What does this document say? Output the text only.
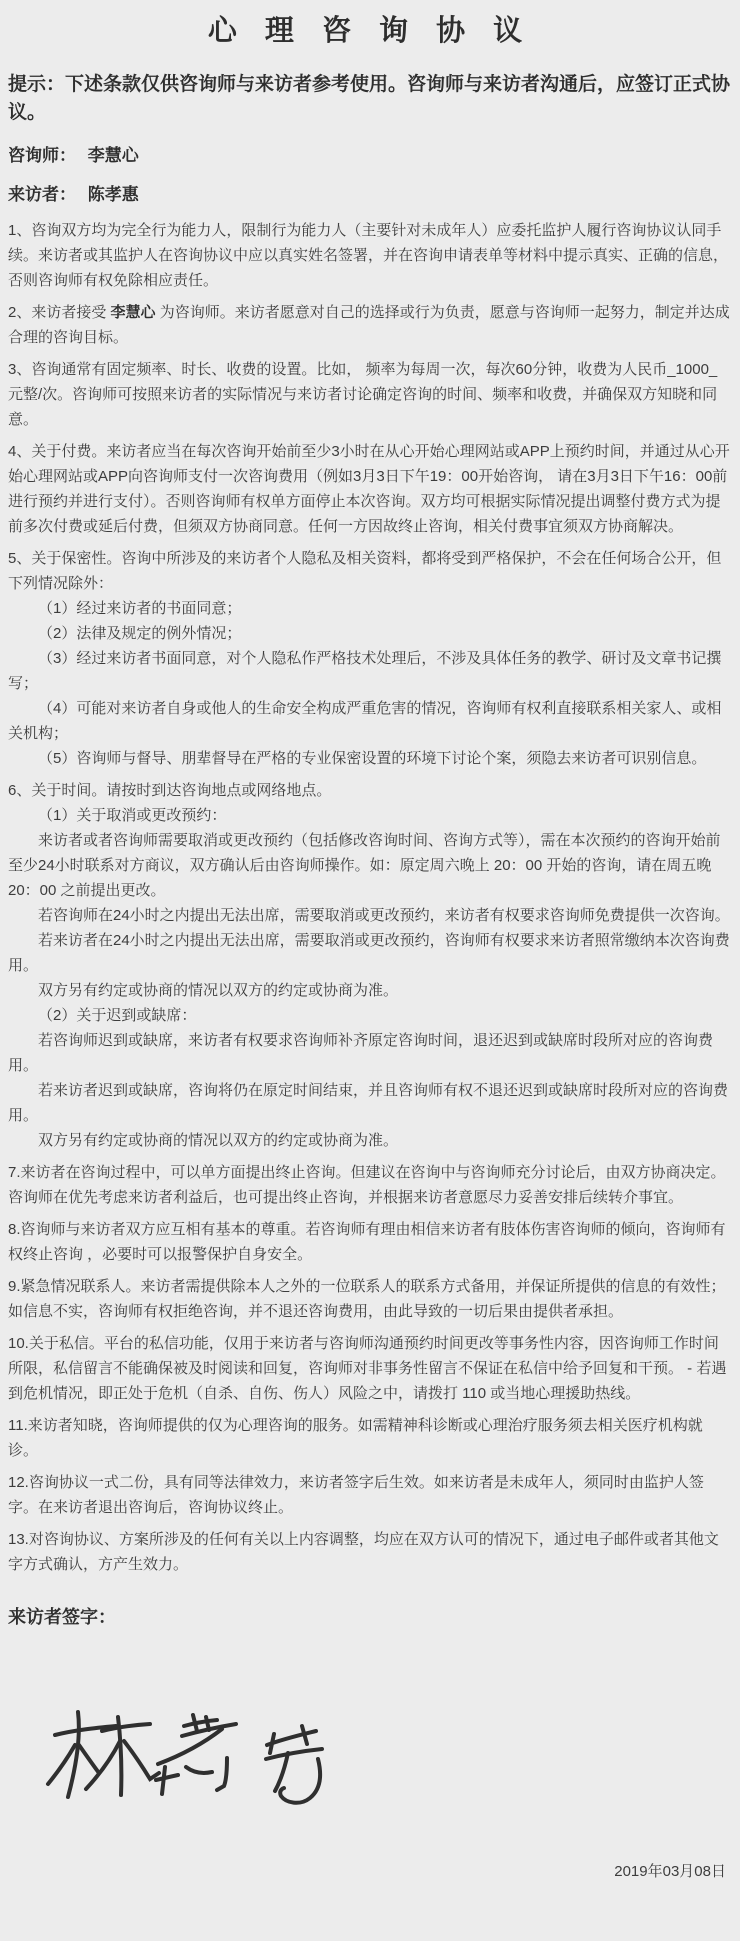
心 理 咨 询 协 议

提示：下述条款仅供咨询师与来访者参考使用。咨询师与来访者沟通后，应签订正式协议。

咨询师： 李慧心

来访者： 陈孝惠

1、咨询双方均为完全行为能力人，限制行为能力人（主要针对未成年人）应委托监护人履行咨询协议认同手续。来访者或其监护人在咨询协议中应以真实姓名签署，并在咨询申请表单等材料中提示真实、正确的信息，否则咨询师有权免除相应责任。

2、来访者接受 李慧心 为咨询师。来访者愿意对自己的选择或行为负责，愿意与咨询师一起努力，制定并达成合理的咨询目标。

3、咨询通常有固定频率、时长、收费的设置。比如， 频率为每周一次，每次60分钟，收费为人民币_1000_元整/次。咨询师可按照来访者的实际情况与来访者讨论确定咨询的时间、频率和收费，并确保双方知晓和同意。

4、关于付费。来访者应当在每次咨询开始前至少3小时在从心开始心理网站或APP上预约时间，并通过从心开始心理网站或APP向咨询师支付一次咨询费用（例如3月3日下午19：00开始咨询， 请在3月3日下午16：00前进行预约并进行支付）。否则咨询师有权单方面停止本次咨询。双方均可根据实际情况提出调整付费方式为提前多次付费或延后付费，但须双方协商同意。任何一方因故终止咨询，相关付费事宜须双方协商解决。

5、关于保密性。咨询中所涉及的来访者个人隐私及相关资料，都将受到严格保护，不会在任何场合公开，但下列情况除外：

（1）经过来访者的书面同意；

（2）法律及规定的例外情况；

（3）经过来访者书面同意，对个人隐私作严格技术处理后，不涉及具体任务的教学、研讨及文章书记撰写；

（4）可能对来访者自身或他人的生命安全构成严重危害的情况，咨询师有权利直接联系相关家人、或相关机构；

（5）咨询师与督导、朋辈督导在严格的专业保密设置的环境下讨论个案，须隐去来访者可识别信息。

6、关于时间。请按时到达咨询地点或网络地点。

（1）关于取消或更改预约：

来访者或者咨询师需要取消或更改预约（包括修改咨询时间、咨询方式等），需在本次预约的咨询开始前至少24小时联系对方商议，双方确认后由咨询师操作。如：原定周六晚上 20：00 开始的咨询，请在周五晚 20：00 之前提出更改。

若咨询师在24小时之内提出无法出席，需要取消或更改预约，来访者有权要求咨询师免费提供一次咨询。

若来访者在24小时之内提出无法出席，需要取消或更改预约，咨询师有权要求来访者照常缴纳本次咨询费用。

双方另有约定或协商的情况以双方的约定或协商为准。

（2）关于迟到或缺席：

若咨询师迟到或缺席，来访者有权要求咨询师补齐原定咨询时间，退还迟到或缺席时段所对应的咨询费用。

若来访者迟到或缺席，咨询将仍在原定时间结束，并且咨询师有权不退还迟到或缺席时段所对应的咨询费用。

双方另有约定或协商的情况以双方的约定或协商为准。

7.来访者在咨询过程中，可以单方面提出终止咨询。但建议在咨询中与咨询师充分讨论后，由双方协商决定。咨询师在优先考虑来访者利益后，也可提出终止咨询，并根据来访者意愿尽力妥善安排后续转介事宜。

8.咨询师与来访者双方应互相有基本的尊重。若咨询师有理由相信来访者有肢体伤害咨询师的倾向，咨询师有权终止咨询 ，必要时可以报警保护自身安全。

9.紧急情况联系人。来访者需提供除本人之外的一位联系人的联系方式备用，并保证所提供的信息的有效性；如信息不实，咨询师有权拒绝咨询，并不退还咨询费用，由此导致的一切后果由提供者承担。

10.关于私信。平台的私信功能，仅用于来访者与咨询师沟通预约时间更改等事务性内容，因咨询师工作时间所限，私信留言不能确保被及时阅读和回复，咨询师对非事务性留言不保证在私信中给予回复和干预。 - 若遇到危机情况，即正处于危机（自杀、自伤、伤人）风险之中，请拨打 110 或当地心理援助热线。

11.来访者知晓，咨询师提供的仅为心理咨询的服务。如需精神科诊断或心理治疗服务须去相关医疗机构就诊。

12.咨询协议一式二份，具有同等法律效力，来访者签字后生效。如来访者是未成年人，须同时由监护人签字。在来访者退出咨询后，咨询协议终止。

13.对咨询协议、方案所涉及的任何有关以上内容调整，均应在双方认可的情况下，通过电子邮件或者其他文字方式确认，方产生效力。

来访者签字：

2019年03月08日
